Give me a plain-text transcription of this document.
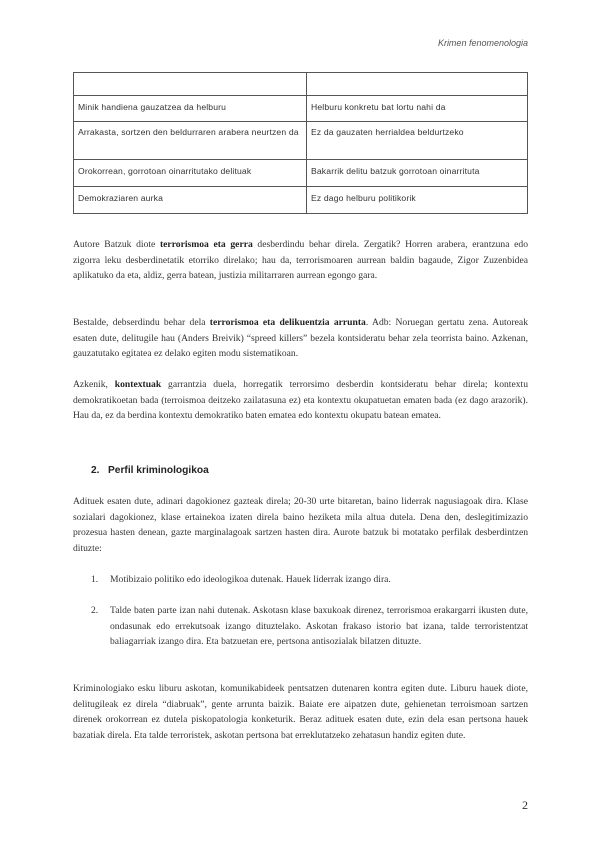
Krimen fenomenologia

Minik handiena gauzatzea da helburu	Helburu konkretu bat lortu nahi da
Arrakasta, sortzen den beldurraren arabera neurtzen da	Ez da gauzaten herrialdea beldurtzeko
Orokorrean, gorrotoan oinarritutako delituak	Bakarrik delitu batzuk gorrotoan oinarrituta
Demokraziaren aurka	Ez dago helburu politikorik

Autore Batzuk diote terrorismoa eta gerra desberdindu behar direla. Zergatik? Horren arabera, erantzuna edo zigorra leku desberdinetatik etorriko direlako; hau da, terrorismoaren aurrean baldin bagaude, Zigor Zuzenbidea aplikatuko da eta, aldiz, gerra batean, justizia militarraren aurrean egongo gara.

Bestalde, debserdindu behar dela terrorismoa eta delikuentzia arrunta. Adb: Noruegan gertatu zena. Autoreak esaten dute, delitugile hau (Anders Breivik) “spreed killers” bezela kontsideratu behar zela teorrista baino. Azkenan, gauzatutako egitatea ez delako egiten modu sistematikoan.

Azkenik, kontextuak garrantzia duela, horregatik terrorsimo desberdin kontsideratu behar direla; kontextu demokratikoetan bada (terroismoa deitzeko zailatasuna ez) eta kontextu okupatuetan ematen bada (ez dago arazorik). Hau da, ez da berdina kontextu demokratiko baten ematea edo kontextu okupatu batean ematea.

2. Perfil kriminologikoa

Adituek esaten dute, adinari dagokionez gazteak direla; 20-30 urte bitaretan, baino liderrak nagusiagoak dira. Klase sozialari dagokionez, klase ertainekoa izaten direla baino heziketa mila altua dutela. Dena den, deslegitimizazio prozesua hasten denean, gazte marginalagoak sartzen hasten dira. Aurote batzuk bi motatako perfilak desberdintzen dituzte:

1. Motibizaio politiko edo ideologikoa dutenak. Hauek liderrak izango dira.
2. Talde baten parte izan nahi dutenak. Askotasn klase baxukoak direnez, terrorismoa erakargarri ikusten dute, ondasunak edo errekutsoak izango dituztelako. Askotan frakaso istorio bat izana, talde terroristentzat baliagarriak izango dira. Eta batzuetan ere, pertsona antisozialak bilatzen dituzte.

Kriminologiako esku liburu askotan, komunikabideek pentsatzen dutenaren kontra egiten dute. Liburu hauek diote, delitugileak ez direla “diabruak”, gente arrunta baizik. Baiate ere aipatzen dute, gehienetan terroismoan sartzen direnek orokorrean ez dutela piskopatologia konketurik. Beraz adituek esaten dute, ezin dela esan pertsona hauek bazatiak direla. Eta talde terroristek, askotan pertsona bat erreklutatzeko zehatasun handiz egiten dute.

2
